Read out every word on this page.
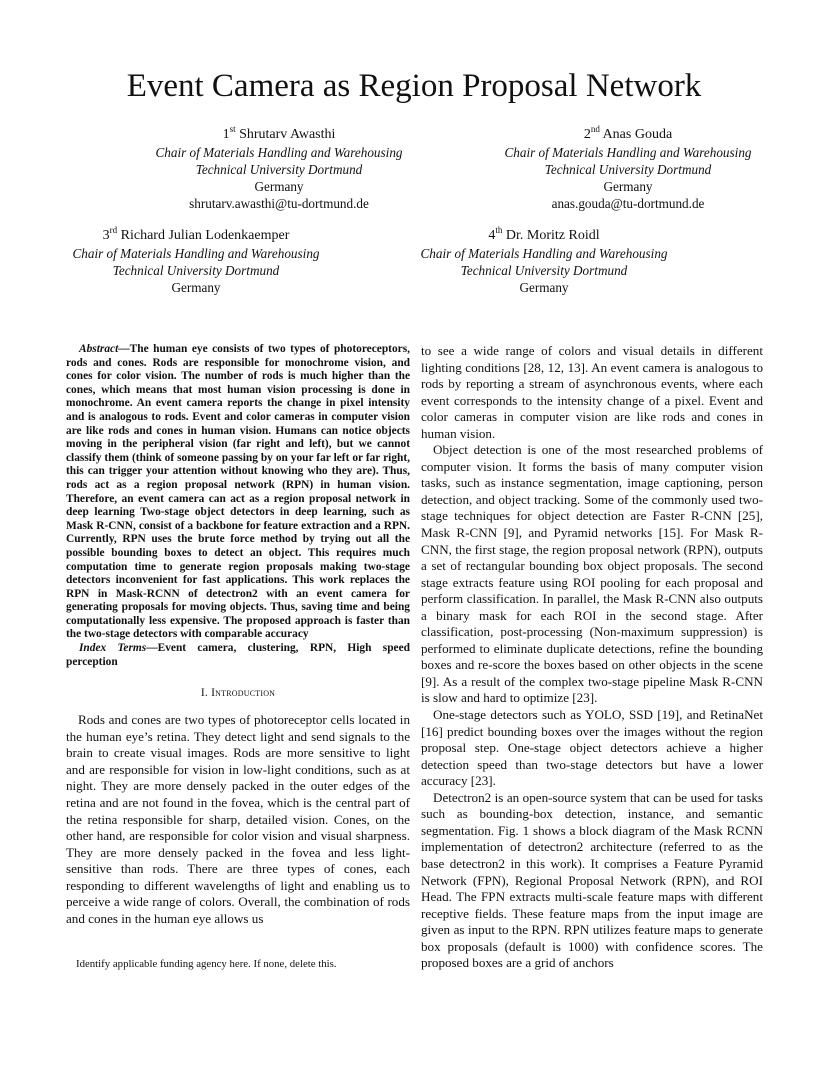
Event Camera as Region Proposal Network
1st Shrutarv Awasthi
Chair of Materials Handling and Warehousing
Technical University Dortmund
Germany
shrutarv.awasthi@tu-dortmund.de
2nd Anas Gouda
Chair of Materials Handling and Warehousing
Technical University Dortmund
Germany
anas.gouda@tu-dortmund.de
3rd Richard Julian Lodenkaemper
Chair of Materials Handling and Warehousing
Technical University Dortmund
Germany
4th Dr. Moritz Roidl
Chair of Materials Handling and Warehousing
Technical University Dortmund
Germany

Abstract—The human eye consists of two types of photoreceptors, rods and cones. Rods are responsible for monochrome vision, and cones for color vision. The number of rods is much higher than the cones, which means that most human vision processing is done in monochrome. An event camera reports the change in pixel intensity and is analogous to rods. Event and color cameras in computer vision are like rods and cones in human vision. Humans can notice objects moving in the peripheral vision (far right and left), but we cannot classify them (think of someone passing by on your far left or far right, this can trigger your attention without knowing who they are). Thus, rods act as a region proposal network (RPN) in human vision. Therefore, an event camera can act as a region proposal network in deep learning Two-stage object detectors in deep learning, such as Mask R-CNN, consist of a backbone for feature extraction and a RPN. Currently, RPN uses the brute force method by trying out all the possible bounding boxes to detect an object. This requires much computation time to generate region proposals making two-stage detectors inconvenient for fast applications. This work replaces the RPN in Mask-RCNN of detectron2 with an event camera for generating proposals for moving objects. Thus, saving time and being computationally less expensive. The proposed approach is faster than the two-stage detectors with comparable accuracy

Index Terms—Event camera, clustering, RPN, High speed perception

I. Introduction

Rods and cones are two types of photoreceptor cells located in the human eye’s retina. They detect light and send signals to the brain to create visual images. Rods are more sensitive to light and are responsible for vision in low-light conditions, such as at night. They are more densely packed in the outer edges of the retina and are not found in the fovea, which is the central part of the retina responsible for sharp, detailed vision. Cones, on the other hand, are responsible for color vision and visual sharpness. They are more densely packed in the fovea and less light-sensitive than rods. There are three types of cones, each responding to different wavelengths of light and enabling us to perceive a wide range of colors. Overall, the combination of rods and cones in the human eye allows us

to see a wide range of colors and visual details in different lighting conditions [28, 12, 13]. An event camera is analogous to rods by reporting a stream of asynchronous events, where each event corresponds to the intensity change of a pixel. Event and color cameras in computer vision are like rods and cones in human vision.

Object detection is one of the most researched problems of computer vision. It forms the basis of many computer vision tasks, such as instance segmentation, image captioning, person detection, and object tracking. Some of the commonly used two-stage techniques for object detection are Faster R-CNN [25], Mask R-CNN [9], and Pyramid networks [15]. For Mask R-CNN, the first stage, the region proposal network (RPN), outputs a set of rectangular bounding box object proposals. The second stage extracts feature using ROI pooling for each proposal and perform classification. In parallel, the Mask R-CNN also outputs a binary mask for each ROI in the second stage. After classification, post-processing (Non-maximum suppression) is performed to eliminate duplicate detections, refine the bounding boxes and re-score the boxes based on other objects in the scene [9]. As a result of the complex two-stage pipeline Mask R-CNN is slow and hard to optimize [23].

One-stage detectors such as YOLO, SSD [19], and RetinaNet [16] predict bounding boxes over the images without the region proposal step. One-stage object detectors achieve a higher detection speed than two-stage detectors but have a lower accuracy [23].

Detectron2 is an open-source system that can be used for tasks such as bounding-box detection, instance, and semantic segmentation. Fig. 1 shows a block diagram of the Mask RCNN implementation of detectron2 architecture (referred to as the base detectron2 in this work). It comprises a Feature Pyramid Network (FPN), Regional Proposal Network (RPN), and ROI Head. The FPN extracts multi-scale feature maps with different receptive fields. These feature maps from the input image are given as input to the RPN. RPN utilizes feature maps to generate box proposals (default is 1000) with confidence scores. The proposed boxes are a grid of anchors

Identify applicable funding agency here. If none, delete this.
